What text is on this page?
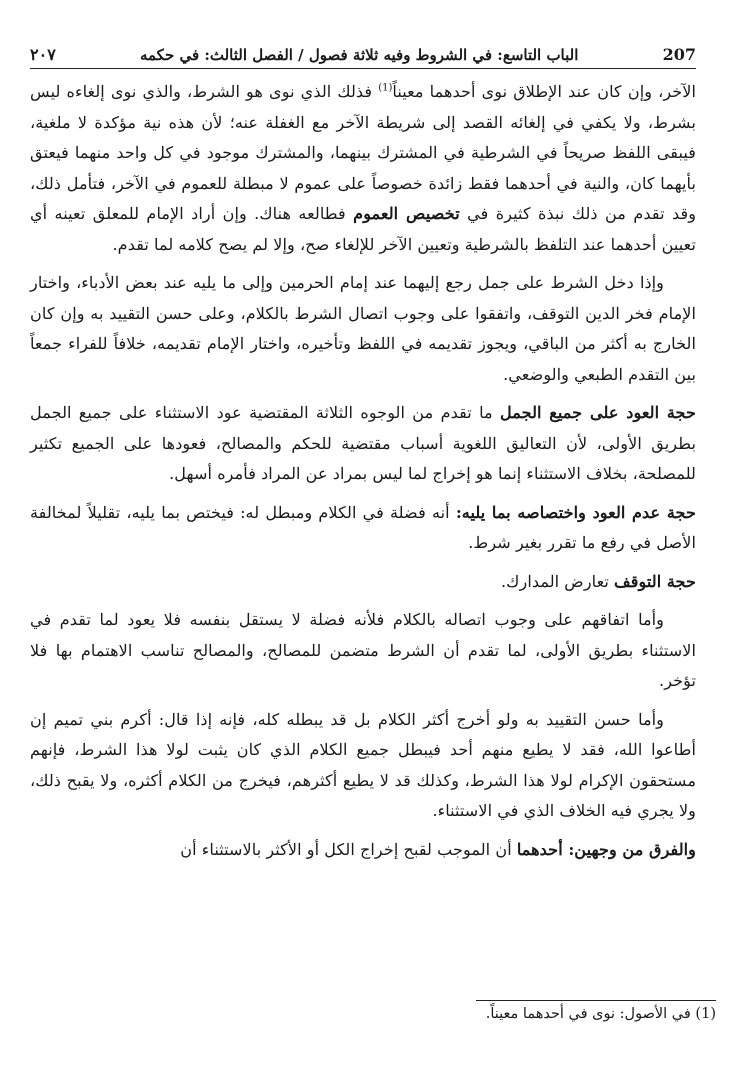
٢٠٧	الباب التاسع: في الشروط وفيه ثلاثة فصول / الفصل الثالث: في حكمه	207

الآخر، وإن كان عند الإطلاق نوى أحدهما معيناً$^{(1)}$ فذلك الذي نوى هو الشرط، والذي نوى إلغاءه ليس بشرط، ولا يكفي في إلغائه القصد إلى شريطة الآخر مع الغفلة عنه؛ لأن هذه نية مؤكدة لا ملغية، فيبقى اللفظ صريحاً في الشرطية في المشترك بينهما، والمشترك موجود في كل واحد منهما فيعتق بأيهما كان، والنية في أحدهما فقط زائدة خصوصاً على عموم لا مبطلة للعموم في الآخر، فتأمل ذلك، وقد تقدم من ذلك نبذة كثيرة في تخصيص العموم فطالعه هناك. وإن أراد الإمام للمعلق تعينه أي تعيين أحدهما عند التلفظ بالشرطية وتعيين الآخر للإلغاء صح، وإلا لم يصح كلامه لما تقدم.

وإذا دخل الشرط على جمل رجع إليهما عند إمام الحرمين وإلى ما يليه عند بعض الأدباء، واختار الإمام فخر الدين التوقف، واتفقوا على وجوب اتصال الشرط بالكلام، وعلى حسن التقييد به وإن كان الخارج به أكثر من الباقي، ويجوز تقديمه في اللفظ وتأخيره، واختار الإمام تقديمه، خلافاً للفراء جمعاً بين التقدم الطبعي والوضعي.

حجة العود على جميع الجمل ما تقدم من الوجوه الثلاثة المقتضية عود الاستثناء على جميع الجمل بطريق الأولى، لأن التعاليق اللغوية أسباب مقتضية للحكم والمصالح، فعودها على الجميع تكثير للمصلحة، بخلاف الاستثناء إنما هو إخراج لما ليس بمراد عن المراد فأمره أسهل.

حجة عدم العود واختصاصه بما يليه: أنه فضلة في الكلام ومبطل له: فيختص بما يليه، تقليلاً لمخالفة الأصل في رفع ما تقرر بغير شرط.

حجة التوقف تعارض المدارك.

وأما اتفاقهم على وجوب اتصاله بالكلام فلأنه فضلة لا يستقل بنفسه فلا يعود لما تقدم في الاستثناء بطريق الأولى، لما تقدم أن الشرط متضمن للمصالح، والمصالح تناسب الاهتمام بها فلا تؤخر.

وأما حسن التقييد به ولو أخرج أكثر الكلام بل قد يبطله كله، فإنه إذا قال: أكرم بني تميم إن أطاعوا الله، فقد لا يطيع منهم أحد فيبطل جميع الكلام الذي كان يثبت لولا هذا الشرط، فإنهم مستحقون الإكرام لولا هذا الشرط، وكذلك قد لا يطيع أكثرهم، فيخرج من الكلام أكثره، ولا يقبح ذلك، ولا يجري فيه الخلاف الذي في الاستثناء.

والفرق من وجهين: أحدهما أن الموجب لقبح إخراج الكل أو الأكثر بالاستثناء أن

(1) في الأصول: نوى في أحدهما معيناً.
